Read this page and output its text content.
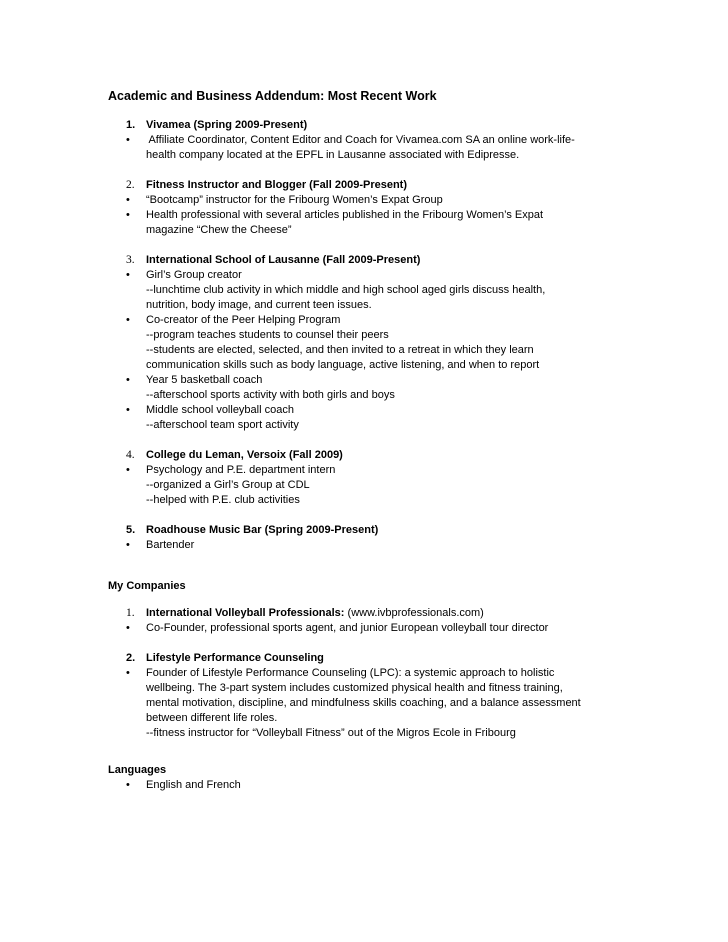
Academic and Business Addendum: Most Recent Work
1. Vivamea (Spring 2009-Present)
•	Affiliate Coordinator, Content Editor and Coach for Vivamea.com SA an online work-life-
health company located at the EPFL in Lausanne associated with Edipresse.
2.	Fitness Instructor and Blogger (Fall 2009-Present)
•	“Bootcamp” instructor for the Fribourg Women’s Expat Group
•	Health professional with several articles published in the Fribourg Women’s Expat
magazine “Chew the Cheese”
3.	International School of Lausanne (Fall 2009-Present)
•	Girl’s Group creator
--lunchtime club activity in which middle and high school aged girls discuss health,
nutrition, body image, and current teen issues.
•	Co-creator of the Peer Helping Program
--program teaches students to counsel their peers
--students are elected, selected, and then invited to a retreat in which they learn
communication skills such as body language, active listening, and when to report
•	Year 5 basketball coach
--afterschool sports activity with both girls and boys
•	Middle school volleyball coach
--afterschool team sport activity
4.	College du Leman, Versoix (Fall 2009)
•	Psychology and P.E. department intern
--organized a Girl’s Group at CDL
--helped with P.E. club activities
5. Roadhouse Music Bar (Spring 2009-Present)
•	Bartender
My Companies
1.	International Volleyball Professionals: (www.ivbprofessionals.com)
•	Co-Founder, professional sports agent, and junior European volleyball tour director
2. Lifestyle Performance Counseling
•	Founder of Lifestyle Performance Counseling (LPC): a systemic approach to holistic
wellbeing. The 3-part system includes customized physical health and fitness training,
mental motivation, discipline, and mindfulness skills coaching, and a balance assessment
between different life roles.
--fitness instructor for “Volleyball Fitness” out of the Migros Ecole in Fribourg
Languages
•	English and French
